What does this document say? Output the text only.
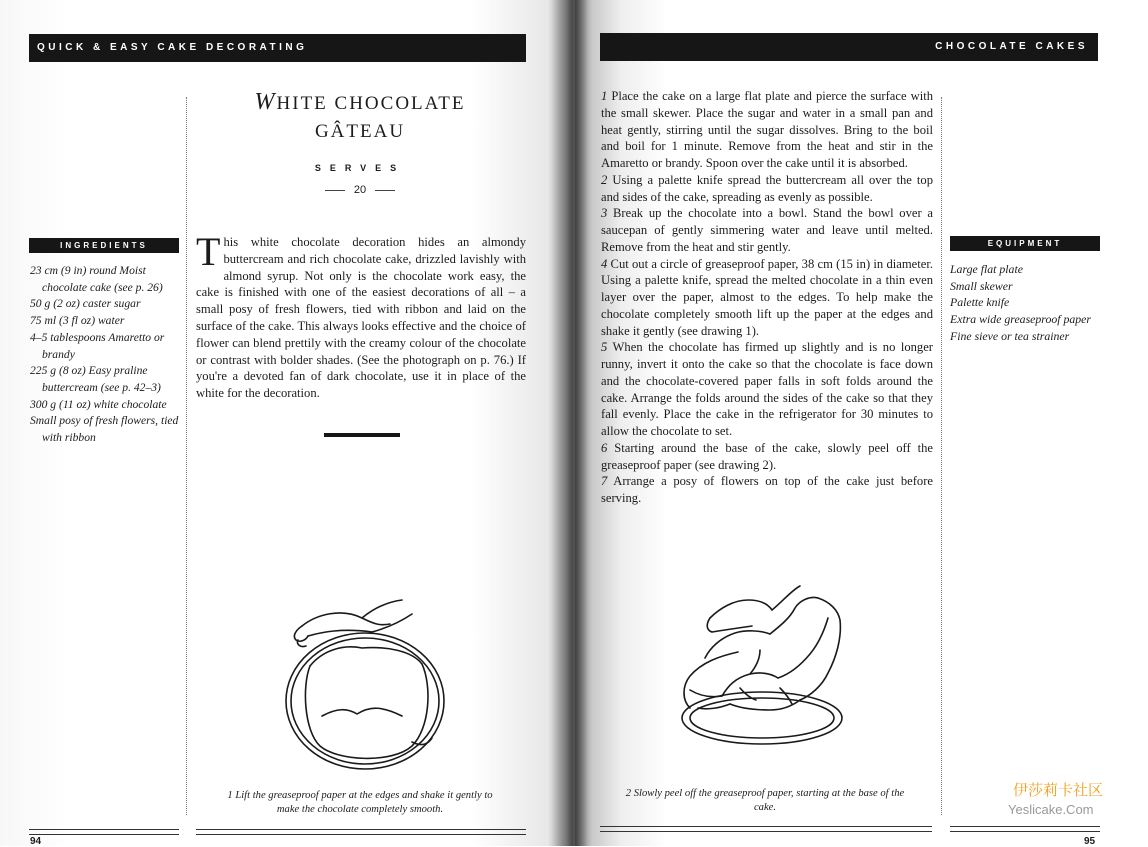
QUICK & EASY CAKE DECORATING	CHOCOLATE CAKES
WHITE CHOCOLATE
GÂTEAU
SERVES
20
INGREDIENTS
23 cm (9 in) round Moist chocolate cake (see p. 26)
50 g (2 oz) caster sugar
75 ml (3 fl oz) water
4–5 tablespoons Amaretto or brandy
225 g (8 oz) Easy praline buttercream (see p. 42–3)
300 g (11 oz) white chocolate
Small posy of fresh flowers, tied with ribbon
This white chocolate decoration hides an almondy buttercream and rich chocolate cake, drizzled lavishly with almond syrup. Not only is the chocolate work easy, the cake is finished with one of the easiest decorations of all – a small posy of fresh flowers, tied with ribbon and laid on the surface of the cake. This always looks effective and the choice of flower can blend prettily with the creamy colour of the chocolate or contrast with bolder shades. (See the photograph on p. 76.) If you're a devoted fan of dark chocolate, use it in place of the white for the decoration.
1 Lift the greaseproof paper at the edges and shake it gently to make the chocolate completely smooth.
94	95

1 Place the cake on a large flat plate and pierce the surface with the small skewer. Place the sugar and water in a small pan and heat gently, stirring until the sugar dissolves. Bring to the boil and boil for 1 minute. Remove from the heat and stir in the Amaretto or brandy. Spoon over the cake until it is absorbed.

2 Using a palette knife spread the buttercream all over the top and sides of the cake, spreading as evenly as possible.

3 Break up the chocolate into a bowl. Stand the bowl over a saucepan of gently simmering water and leave until melted. Remove from the heat and stir gently.

4 Cut out a circle of greaseproof paper, 38 cm (15 in) in diameter. Using a palette knife, spread the melted chocolate in a thin even layer over the paper, almost to the edges. To help make the chocolate completely smooth lift up the paper at the edges and shake it gently (see drawing 1).

5 When the chocolate has firmed up slightly and is no longer runny, invert it onto the cake so that the chocolate is face down and the chocolate-covered paper falls in soft folds around the cake. Arrange the folds around the sides of the cake so that they fall evenly. Place the cake in the refrigerator for 30 minutes to allow the chocolate to set.

6 Starting around the base of the cake, slowly peel off the greaseproof paper (see drawing 2).

7 Arrange a posy of flowers on top of the cake just before serving.

EQUIPMENT
Large flat plate
Small skewer
Palette knife
Extra wide greaseproof paper
Fine sieve or tea strainer
2 Slowly peel off the greaseproof paper, starting at the base of the cake.
伊莎莉卡社区
Yeslicake.Com
